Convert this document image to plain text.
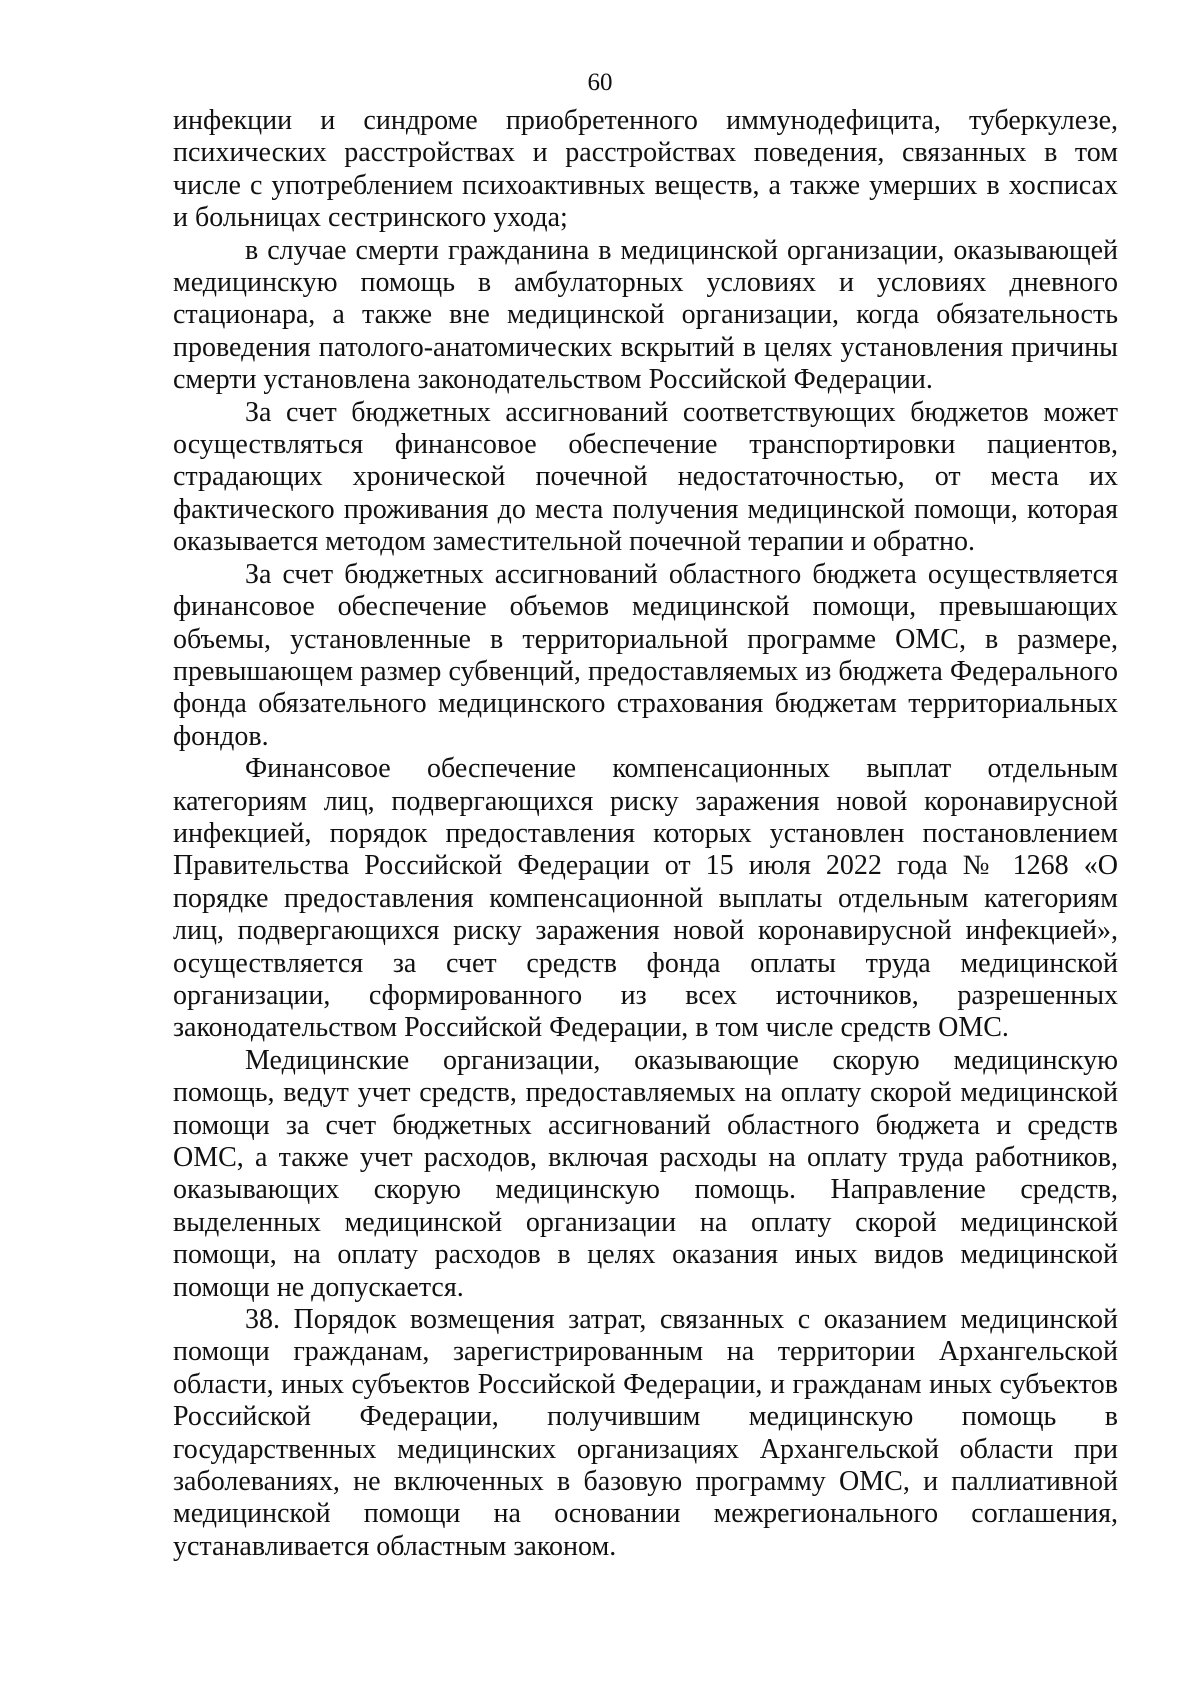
60

инфекции и синдроме приобретенного иммунодефицита, туберкулезе, психических расстройствах и расстройствах поведения, связанных в том числе с употреблением психоактивных веществ, а также умерших в хосписах и больницах сестринского ухода;

в случае смерти гражданина в медицинской организации, оказывающей медицинскую помощь в амбулаторных условиях и условиях дневного стационара, а также вне медицинской организации, когда обязательность проведения патолого-анатомических вскрытий в целях установления причины смерти установлена законодательством Российской Федерации.

За счет бюджетных ассигнований соответствующих бюджетов может осуществляться финансовое обеспечение транспортировки пациентов, страдающих хронической почечной недостаточностью, от места их фактического проживания до места получения медицинской помощи, которая оказывается методом заместительной почечной терапии и обратно.

За счет бюджетных ассигнований областного бюджета осуществляется финансовое обеспечение объемов медицинской помощи, превышающих объемы, установленные в территориальной программе ОМС, в размере, превышающем размер субвенций, предоставляемых из бюджета Федерального фонда обязательного медицинского страхования бюджетам территориальных фондов.

Финансовое обеспечение компенсационных выплат отдельным категориям лиц, подвергающихся риску заражения новой коронавирусной инфекцией, порядок предоставления которых установлен постановлением Правительства Российской Федерации от 15 июля 2022 года № 1268 «О порядке предоставления компенсационной выплаты отдельным категориям лиц, подвергающихся риску заражения новой коронавирусной инфекцией», осуществляется за счет средств фонда оплаты труда медицинской организации, сформированного из всех источников, разрешенных законодательством Российской Федерации, в том числе средств ОМС.

Медицинские организации, оказывающие скорую медицинскую помощь, ведут учет средств, предоставляемых на оплату скорой медицинской помощи за счет бюджетных ассигнований областного бюджета и средств ОМС, а также учет расходов, включая расходы на оплату труда работников, оказывающих скорую медицинскую помощь. Направление средств, выделенных медицинской организации на оплату скорой медицинской помощи, на оплату расходов в целях оказания иных видов медицинской помощи не допускается.

38. Порядок возмещения затрат, связанных с оказанием медицинской помощи гражданам, зарегистрированным на территории Архангельской области, иных субъектов Российской Федерации, и гражданам иных субъектов Российской Федерации, получившим медицинскую помощь в государственных медицинских организациях Архангельской области при заболеваниях, не включенных в базовую программу ОМС, и паллиативной медицинской помощи на основании межрегионального соглашения, устанавливается областным законом.
